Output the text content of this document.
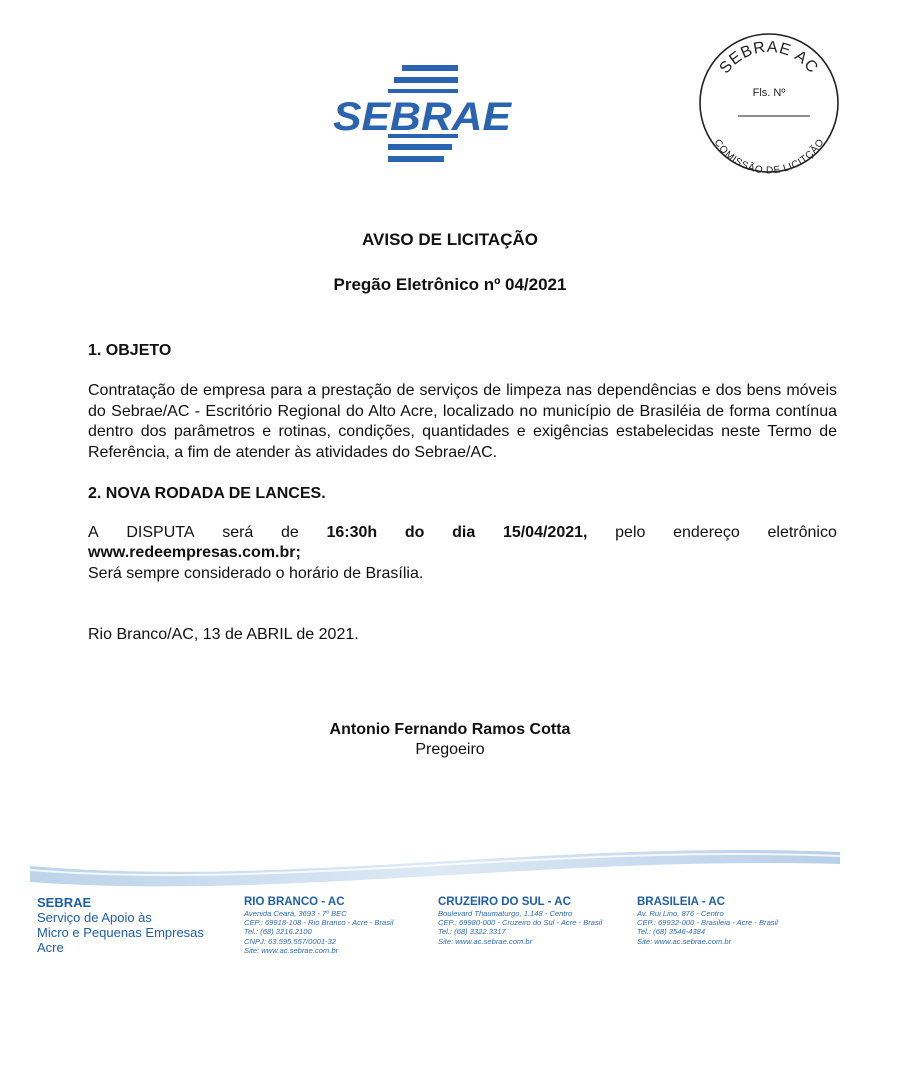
SEBRAE
SEBRAE AC
Fls. Nº
COMISSÃO DE LICITÇÃO
AVISO DE LICITAÇÃO
Pregão Eletrônico nº 04/2021
1. OBJETO

Contratação de empresa para a prestação de serviços de limpeza nas dependências e dos bens móveis do Sebrae/AC - Escritório Regional do Alto Acre, localizado no município de Brasiléia de forma contínua dentro dos parâmetros e rotinas, condições, quantidades e exigências estabelecidas neste Termo de Referência, a fim de atender às atividades do Sebrae/AC.

2. NOVA RODADA DE LANCES.
A DISPUTA será de 16:30h do dia 15/04/2021, pelo endereço eletrônico
www.redeempresas.com.br;
Será sempre considerado o horário de Brasília.
Rio Branco/AC, 13 de ABRIL de 2021.
Antonio Fernando Ramos Cotta
Pregoeiro
SEBRAE
Serviço de Apoio às
Micro e Pequenas Empresas
Acre
RIO BRANCO - AC
Avenida Ceará, 3693 - 7º BEC
CEP.: 69918-108 - Rio Branco - Acre - Brasil
Tel.: (68) 3216.2100
CNPJ: 63.595.557/0001-32
Site: www.ac.sebrae.com.br
CRUZEIRO DO SUL - AC
Boulevard Thaumaturgo, 1.148 - Centro
CEP.: 69980-000 - Cruzeiro do Sul - Acre - Brasil
Tel.: (68) 3322.3317
Site: www.ac.sebrae.com.br
BRASILEIA - AC
Av. Rui Lino, 876 - Centro
CEP.: 69932-000 - Brasileia - Acre - Brasil
Tel.: (68) 3546-4384
Site: www.ac.sebrae.com.br
